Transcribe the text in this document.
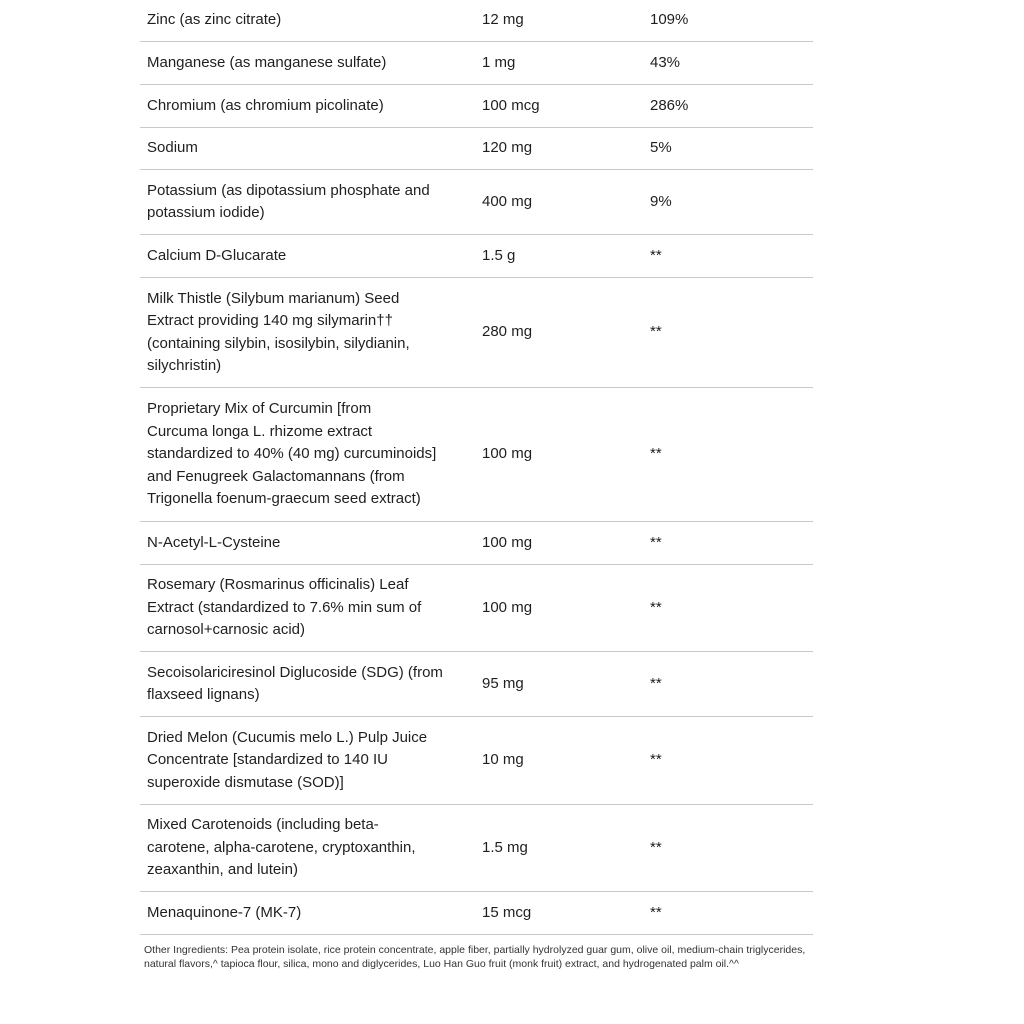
Zinc (as zinc citrate)	12 mg	109%
Manganese (as manganese sulfate)	1 mg	43%
Chromium (as chromium picolinate)	100 mcg	286%
Sodium	120 mg	5%
Potassium (as dipotassium phosphate and
potassium iodide)
400 mg	9%
Calcium D-Glucarate	1.5 g	**
Milk Thistle (Silybum marianum) Seed
Extract providing 140 mg silymarin††
(containing silybin, isosilybin, silydianin,
silychristin)
280 mg	**
Proprietary Mix of Curcumin [from
Curcuma longa L. rhizome extract
standardized to 40% (40 mg) curcuminoids]
and Fenugreek Galactomannans (from
Trigonella foenum-graecum seed extract)
100 mg	**
N-Acetyl-L-Cysteine	100 mg	**
Rosemary (Rosmarinus officinalis) Leaf
Extract (standardized to 7.6% min sum of
carnosol+carnosic acid)
100 mg	**
Secoisolariciresinol Diglucoside (SDG) (from
flaxseed lignans)
95 mg	**
Dried Melon (Cucumis melo L.) Pulp Juice
Concentrate [standardized to 140 IU
superoxide dismutase (SOD)]
10 mg	**
Mixed Carotenoids (including beta-
carotene, alpha-carotene, cryptoxanthin,
zeaxanthin, and lutein)
1.5 mg	**
Menaquinone-7 (MK-7)	15 mcg	**
Other Ingredients: Pea protein isolate, rice protein concentrate, apple fiber, partially hydrolyzed guar gum, olive oil, medium-chain triglycerides, natural flavors,^ tapioca flour, silica, mono and diglycerides, Luo Han Guo fruit (monk fruit) extract, and hydrogenated palm oil.^^
